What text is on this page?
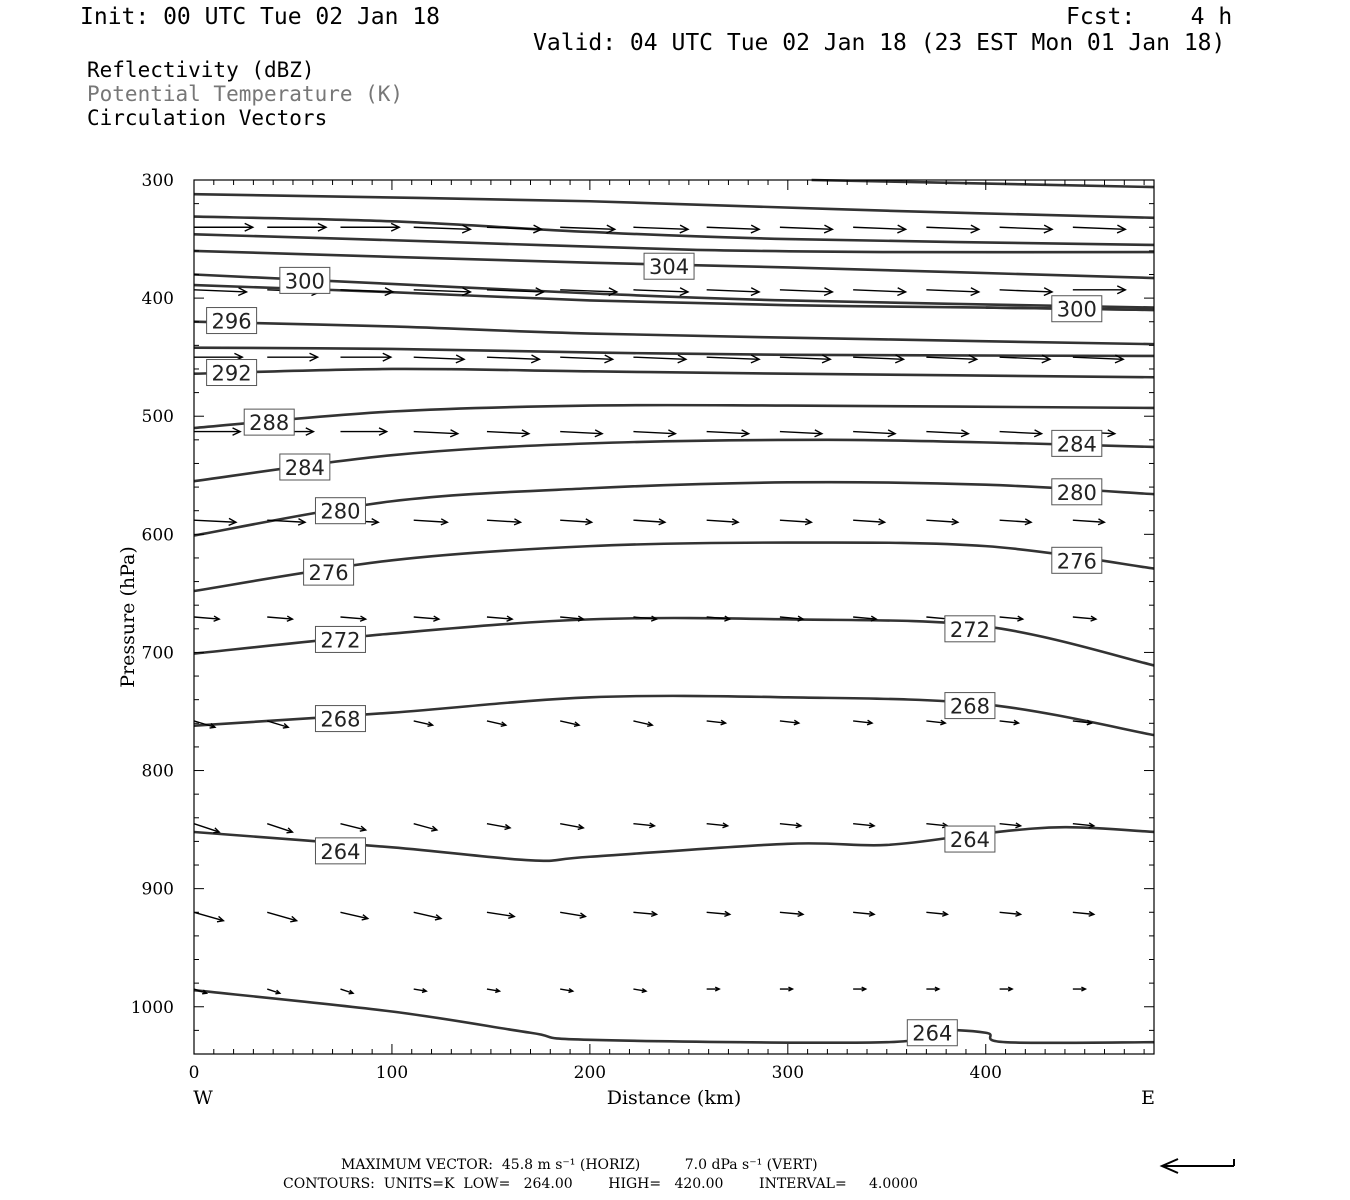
Init: 00 UTC Tue 02 Jan 18	Fcst:    4 h
Valid: 04 UTC Tue 02 Jan 18 (23 EST Mon 01 Jan 18)
Reflectivity (dBZ)
Potential Temperature (K)
Circulation Vectors
300
304
300
296
292
288
284
284
280
280
276	276
272	272
268
268
264	264
264
0	100	200	300	400
300
400
500
600
700
800
900
1000
Pressure (hPa)
Distance (km)
W	E
MAXIMUM VECTOR:  45.8 m s⁻¹ (HORIZ)          7.0 dPa s⁻¹ (VERT)
CONTOURS:  UNITS=K  LOW=   264.00        HIGH=   420.00        INTERVAL=     4.0000
